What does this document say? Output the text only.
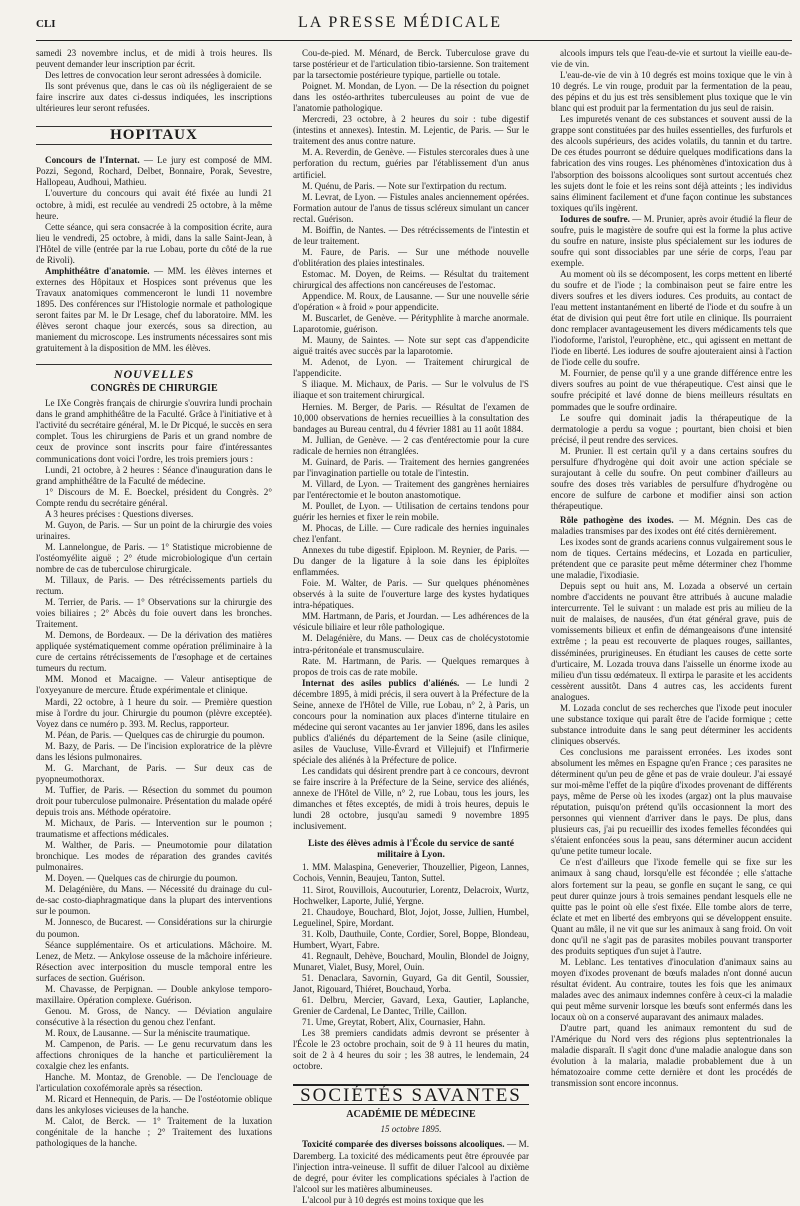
CLI	LA PRESSE MÉDICALE

samedi 23 novembre inclus, et de midi à trois heures. Ils peuvent demander leur inscription par écrit.

Des lettres de convocation leur seront adressées à domicile.

Ils sont prévenus que, dans le cas où ils négligeraient de se faire inscrire aux dates ci-dessus indiquées, les inscriptions ultérieures leur seront refusées.

HOPITAUX

Concours de l'Internat. — Le jury est composé de MM. Pozzi, Segond, Rochard, Delbet, Bonnaire, Porak, Sevestre, Hallopeau, Audhoui, Mathieu.

L'ouverture du concours qui avait été fixée au lundi 21 octobre, à midi, est reculée au vendredi 25 octobre, à la même heure.

Cette séance, qui sera consacrée à la composition écrite, aura lieu le vendredi, 25 octobre, à midi, dans la salle Saint-Jean, à l'Hôtel de ville (entrée par la rue Lobau, porte du côté de la rue de Rivoli).

Amphithéâtre d'anatomie. — MM. les élèves internes et externes des Hôpitaux et Hospices sont prévenus que les Travaux anatomiques commenceront le lundi 11 novembre 1895. Des conférences sur l'Histologie normale et pathologique seront faites par M. le Dr Lesage, chef du laboratoire. MM. les élèves seront chaque jour exercés, sous sa direction, au maniement du microscope. Les instruments nécessaires sont mis gratuitement à la disposition de MM. les élèves.

NOUVELLES
CONGRÈS DE CHIRURGIE

Le IXe Congrès français de chirurgie s'ouvrira lundi prochain dans le grand amphithéâtre de la Faculté. Grâce à l'initiative et à l'activité du secrétaire général, M. le Dr Picqué, le succès en sera complet. Tous les chirurgiens de Paris et un grand nombre de ceux de province sont inscrits pour faire d'intéressantes communications dont voici l'ordre, les trois premiers jours :

Lundi, 21 octobre, à 2 heures : Séance d'inauguration dans le grand amphithéâtre de la Faculté de médecine.

1° Discours de M. E. Boeckel, président du Congrès. 2° Compte rendu du secrétaire général.

A 3 heures précises : Questions diverses.

M. Guyon, de Paris. — Sur un point de la chirurgie des voies urinaires.

M. Lannelongue, de Paris. — 1° Statistique microbienne de l'ostéomyélite aiguë ; 2° étude microbiologique d'un certain nombre de cas de tuberculose chirurgicale.

M. Tillaux, de Paris. — Des rétrécissements partiels du rectum.

M. Terrier, de Paris. — 1° Observations sur la chirurgie des voies biliaires ; 2° Abcès du foie ouvert dans les bronches. Traitement.

M. Demons, de Bordeaux. — De la dérivation des matières appliquée systématiquement comme opération préliminaire à la cure de certains rétrécissements de l'œsophage et de certaines tumeurs du rectum.

MM. Monod et Macaigne. — Valeur antiseptique de l'oxyeyanure de mercure. Étude expérimentale et clinique.

Mardi, 22 octobre, à 1 heure du soir. — Première question mise à l'ordre du jour. Chirurgie du poumon (plèvre exceptée). Voyez dans ce numéro p. 393. M. Reclus, rapporteur.

M. Péan, de Paris. — Quelques cas de chirurgie du poumon.

M. Bazy, de Paris. — De l'incision exploratrice de la plèvre dans les lésions pulmonaires.

M. G. Marchant, de Paris. — Sur deux cas de pyopneumothorax.

M. Tuffier, de Paris. — Résection du sommet du poumon droit pour tuberculose pulmonaire. Présentation du malade opéré depuis trois ans. Méthode opératoire.

M. Michaux, de Paris. — Intervention sur le poumon ; traumatisme et affections médicales.

M. Walther, de Paris. — Pneumotomie pour dilatation bronchique. Les modes de réparation des grandes cavités pulmonaires.

M. Doyen. — Quelques cas de chirurgie du poumon.

M. Delagénière, du Mans. — Nécessité du drainage du cul-de-sac costo-diaphragmatique dans la plupart des interventions sur le poumon.

M. Jonnesco, de Bucarest. — Considérations sur la chirurgie du poumon.

Séance supplémentaire. Os et articulations. Mâchoire. M. Lenez, de Metz. — Ankylose osseuse de la mâchoire inférieure. Résection avec interposition du muscle temporal entre les surfaces de section. Guérison.

M. Chavasse, de Perpignan. — Double ankylose temporo-maxillaire. Opération complexe. Guérison.

Genou. M. Gross, de Nancy. — Déviation angulaire consécutive à la résection du genou chez l'enfant.

M. Roux, de Lausanne. — Sur la méniscite traumatique.

M. Campenon, de Paris. — Le genu recurvatum dans les affections chroniques de la hanche et particulièrement la coxalgie chez les enfants.

Hanche. M. Montaz, de Grenoble. — De l'enclouage de l'articulation coxofémorale après sa résection.

M. Ricard et Hennequin, de Paris. — De l'ostéotomie oblique dans les ankyloses vicieuses de la hanche.

M. Calot, de Berck. — 1° Traitement de la luxation congénitale de la hanche ; 2° Traitement des luxations pathologiques de la hanche.

Cou-de-pied. M. Ménard, de Berck. Tuberculose grave du tarse postérieur et de l'articulation tibio-tarsienne. Son traitement par la tarsectomie postérieure typique, partielle ou totale.

Poignet. M. Mondan, de Lyon. — De la résection du poignet dans les ostéo-arthrites tuberculeuses au point de vue de l'anatomie pathologique.

Mercredi, 23 octobre, à 2 heures du soir : tube digestif (intestins et annexes). Intestin. M. Lejentic, de Paris. — Sur le traitement des anus contre nature.

M. A. Reverdin, de Genève. — Fistules stercorales dues à une perforation du rectum, guéries par l'établissement d'un anus artificiel.

M. Quénu, de Paris. — Note sur l'extirpation du rectum.

M. Levrat, de Lyon. — Fistules anales anciennement opérées. Formation autour de l'anus de tissus scléreux simulant un cancer rectal. Guérison.

M. Boiffin, de Nantes. — Des rétrécissements de l'intestin et de leur traitement.

M. Faure, de Paris. — Sur une méthode nouvelle d'oblitération des plaies intestinales.

Estomac. M. Doyen, de Reims. — Résultat du traitement chirurgical des affections non cancéreuses de l'estomac.

Appendice. M. Roux, de Lausanne. — Sur une nouvelle série d'opération « à froid » pour appendicite.

M. Buscarlet, de Genève. — Pérityphlite à marche anormale. Laparotomie, guérison.

M. Mauny, de Saintes. — Note sur sept cas d'appendicite aiguë traités avec succès par la laparotomie.

M. Adenot, de Lyon. — Traitement chirurgical de l'appendicite.

S iliaque. M. Michaux, de Paris. — Sur le volvulus de l'S iliaque et son traitement chirurgical.

Hernies. M. Berger, de Paris. — Résultat de l'examen de 10,000 observations de hernies recueillies à la consultation des bandages au Bureau central, du 4 février 1881 au 11 août 1884.

M. Jullian, de Genève. — 2 cas d'entérectomie pour la cure radicale de hernies non étranglées.

M. Guinard, de Paris. — Traitement des hernies gangrenées par l'invagination partielle ou totale de l'intestin.

M. Villard, de Lyon. — Traitement des gangrènes herniaires par l'entérectomie et le bouton anastomotique.

M. Poullet, de Lyon. — Utilisation de certains tendons pour guérir les hernies et fixer le rein mobile.

M. Phocas, de Lille. — Cure radicale des hernies inguinales chez l'enfant.

Annexes du tube digestif. Epiploon. M. Reynier, de Paris. — Du danger de la ligature à la soie dans les épiploïtes enflammées.

Foie. M. Walter, de Paris. — Sur quelques phénomènes observés à la suite de l'ouverture large des kystes hydatiques intra-hépatiques.

MM. Hartmann, de Paris, et Jourdan. — Les adhérences de la vésicule biliaire et leur rôle pathologique.

M. Delagénière, du Mans. — Deux cas de cholécystotomie intra-péritonéale et transmusculaire.

Rate. M. Hartmann, de Paris. — Quelques remarques à propos de trois cas de rate mobile.

Internat des asiles publics d'aliénés. — Le lundi 2 décembre 1895, à midi précis, il sera ouvert à la Préfecture de la Seine, annexe de l'Hôtel de Ville, rue Lobau, n° 2, à Paris, un concours pour la nomination aux places d'interne titulaire en médecine qui seront vacantes au 1er janvier 1896, dans les asiles publics d'aliénés du département de la Seine (asile clinique, asiles de Vaucluse, Ville-Évrard et Villejuif) et l'Infirmerie spéciale des aliénés à la Préfecture de police.

Les candidats qui désirent prendre part à ce concours, devront se faire inscrire à la Préfecture de la Seine, service des aliénés, annexe de l'Hôtel de Ville, n° 2, rue Lobau, tous les jours, les dimanches et fêtes exceptés, de midi à trois heures, depuis le lundi 28 octobre, jusqu'au samedi 9 novembre 1895 inclusivement.

Liste des élèves admis à l'École du service de santé militaire à Lyon.

1. MM. Malaspina, Geneverier, Thouzellier, Pigeon, Lannes, Cochois, Vennin, Beaujeu, Tanton, Suttel.

11. Sirot, Rouvillois, Aucouturier, Lorentz, Delacroix, Wurtz, Hochwelker, Laporte, Julié, Yergne.

21. Chaudoye, Bouchard, Blot, Jojot, Josse, Jullien, Humbel, Leguelinel, Spire, Mordant.

31. Kolb, Dauthuile, Conte, Cordier, Sorel, Boppe, Blondeau, Humbert, Wyart, Fabre.

41. Regnault, Dehève, Bouchard, Moulin, Blondel de Joigny, Munaret, Vialet, Busy, Morel, Ouin.

51. Denaclara, Savornin, Guyard, Ga dit Gentil, Soussier, Janot, Rigouard, Thiéret, Bouchaud, Yorba.

61. Delbru, Mercier, Gavard, Lexa, Gautier, Laplanche, Grenier de Cardenal, Le Dantec, Trille, Caillon.

71. Ume, Greytat, Robert, Alix, Cournasier, Hahn.

Les 38 premiers candidats admis devront se présenter à l'École le 23 octobre prochain, soit de 9 à 11 heures du matin, soit de 2 à 4 heures du soir ; les 38 autres, le lendemain, 24 octobre.

SOCIÉTÉS SAVANTES
ACADÉMIE DE MÉDECINE
15 octobre 1895.

Toxicité comparée des diverses boissons alcooliques. — M. Daremberg. La toxicité des médicaments peut être éprouvée par l'injection intra-veineuse. Il suffit de diluer l'alcool au dixième de degré, pour éviter les complications spéciales à l'action de l'alcool sur les matières albumineuses.

L'alcool pur à 10 degrés est moins toxique que les

alcools impurs tels que l'eau-de-vie et surtout la vieille eau-de-vie de vin.

L'eau-de-vie de vin à 10 degrés est moins toxique que le vin à 10 degrés. Le vin rouge, produit par la fermentation de la peau, des pépins et du jus est très sensiblement plus toxique que le vin blanc qui est produit par la fermentation du jus seul de raisin.

Les impuretés venant de ces substances et souvent aussi de la grappe sont constituées par des huiles essentielles, des furfurols et des alcools supérieurs, des acides volatils, du tannin et du tartre. De ces études pourront se déduire quelques modifications dans la fabrication des vins rouges. Les phénomènes d'intoxication dus à l'absorption des boissons alcooliques sont surtout accentués chez les sujets dont le foie et les reins sont déjà atteints ; les individus sains éliminent facilement et d'une façon continue les substances toxiques qu'ils ingèrent.

Iodures de soufre. — M. Prunier, après avoir étudié la fleur de soufre, puis le magistère de soufre qui est la forme la plus active du soufre en nature, insiste plus spécialement sur les iodures de soufre qui sont dissociables par une série de corps, l'eau par exemple.

Au moment où ils se décomposent, les corps mettent en liberté du soufre et de l'iode ; la combinaison peut se faire entre les divers soufres et les divers iodures. Ces produits, au contact de l'eau mettent instantanément en liberté de l'iode et du soufre à un état de division qui peut être fort utile en clinique. Ils pourraient donc remplacer avantageusement les divers médicaments tels que l'iodoforme, l'aristol, l'europhène, etc., qui agissent en mettant de l'iode en liberté. Les iodures de soufre ajouteraient ainsi à l'action de l'iode celle du soufre.

M. Fournier, de pense qu'il y a une grande différence entre les divers soufres au point de vue thérapeutique. C'est ainsi que le soufre précipité et lavé donne de biens meilleurs résultats en pommades que le soufre ordinaire.

Le soufre qui dominait jadis la thérapeutique de la dermatologie a perdu sa vogue ; pourtant, bien choisi et bien précisé, il peut rendre des services.

M. Prunier. Il est certain qu'il y a dans certains soufres du persulfure d'hydrogène qui doit avoir une action spéciale se surajoutant à celle du soufre. On peut combiner d'ailleurs au soufre des doses très variables de persulfure d'hydrogène ou encore de sulfure de carbone et modifier ainsi son action thérapeutique.

Rôle pathogène des ixodes. — M. Mégnin. Des cas de maladies transmises par des ixodes ont été cités dernièrement.

Les ixodes sont de grands acariens connus vulgairement sous le nom de tiques. Certains médecins, et Lozada en particulier, prétendent que ce parasite peut même déterminer chez l'homme une maladie, l'ixodiasie.

Depuis sept ou huit ans, M. Lozada a observé un certain nombre d'accidents ne pouvant être attribués à aucune maladie intercurrente. Tel le suivant : un malade est pris au milieu de la nuit de malaises, de nausées, d'un état général grave, puis de vomissements bilieux et enfin de démangeaisons d'une intensité extrême ; la peau est recouverte de plaques rouges, saillantes, disséminées, prurigineuses. En étudiant les causes de cette sorte d'urticaire, M. Lozada trouva dans l'aisselle un énorme ixode au milieu d'un tissu œdémateux. Il extirpa le parasite et les accidents cessèrent aussitôt. Dans 4 autres cas, les accidents furent analogues.

M. Lozada conclut de ses recherches que l'ixode peut inoculer une substance toxique qui paraît être de l'acide formique ; cette substance introduite dans le sang peut déterminer les accidents cliniques observés.

Ces conclusions me paraissent erronées. Les ixodes sont absolument les mêmes en Espagne qu'en France ; ces parasites ne déterminent qu'un peu de gêne et pas de vraie douleur. J'ai essayé sur moi-même l'effet de la piqûre d'ixodes provenant de différents pays, même de Perse où les ixodes (argaz) ont la plus mauvaise réputation, puisqu'on prétend qu'ils occasionnent la mort des personnes qui viennent d'arriver dans le pays. De plus, dans plusieurs cas, j'ai pu recueillir des ixodes femelles fécondées qui s'étaient enfoncées sous la peau, sans déterminer aucun accident qu'une petite tumeur locale.

Ce n'est d'ailleurs que l'ixode femelle qui se fixe sur les animaux à sang chaud, lorsqu'elle est fécondée ; elle s'attache alors fortement sur la peau, se gonfle en suçant le sang, ce qui peut durer quinze jours à trois semaines pendant lesquels elle ne quitte pas le point où elle s'est fixée. Elle tombe alors de terre, éclate et met en liberté des embryons qui se développent ensuite. Quant au mâle, il ne vit que sur les animaux à sang froid. On voit donc qu'il ne s'agit pas de parasites mobiles pouvant transporter des produits septiques d'un sujet à l'autre.

M. Leblanc. Les tentatives d'inoculation d'animaux sains au moyen d'ixodes provenant de bœufs malades n'ont donné aucun résultat évident. Au contraire, toutes les fois que les animaux malades avec des animaux indemnes confère à ceux-ci la maladie qui peut même survenir lorsque les bœufs sont enfermés dans les locaux où on a conservé auparavant des animaux malades.

D'autre part, quand les animaux remontent du sud de l'Amérique du Nord vers des régions plus septentrionales la maladie disparaît. Il s'agit donc d'une maladie analogue dans son évolution à la malaria, maladie probablement due à un hématozoaire comme cette dernière et dont les procédés de transmission sont encore inconnus.
